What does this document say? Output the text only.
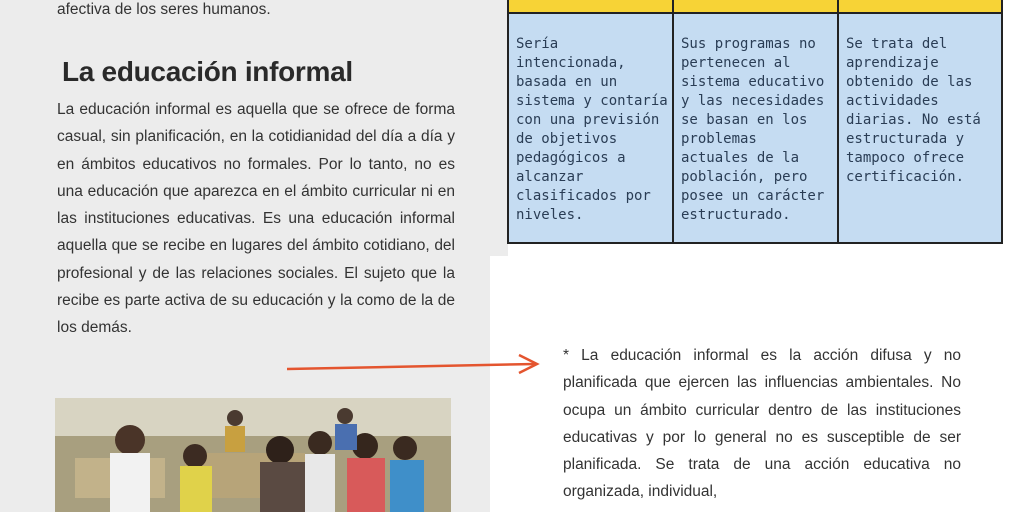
afectiva de los seres humanos.
La educación informal
La educación informal es aquella que se ofrece de forma casual, sin planificación, en la cotidianidad del día a día y en ámbitos educativos no formales. Por lo tanto, no es una educación que aparezca en el ámbito curricular ni en las instituciones educativas. Es una educación informal aquella que se recibe en lugares del ámbito cotidiano, del profesional y de las relaciones sociales. El sujeto que la recibe es parte activa de su educación y la como de la de los demás.
Sería
intencionada,
basada en un
sistema y contaría
con una previsión
de objetivos
pedagógicos a
alcanzar
clasificados por
niveles.
Sus programas no
pertenecen al
sistema educativo
y las necesidades
se basan en los
problemas
actuales de la
población, pero
posee un carácter
estructurado.
Se trata del
aprendizaje
obtenido de las
actividades
diarias. No está
estructurada y
tampoco ofrece
certificación.
* La educación informal es la acción difusa y no planificada que ejercen las influencias ambientales. No ocupa un ámbito curricular dentro de las instituciones educativas y por lo general no es susceptible de ser planificada. Se trata de una acción educativa no organizada, individual,
